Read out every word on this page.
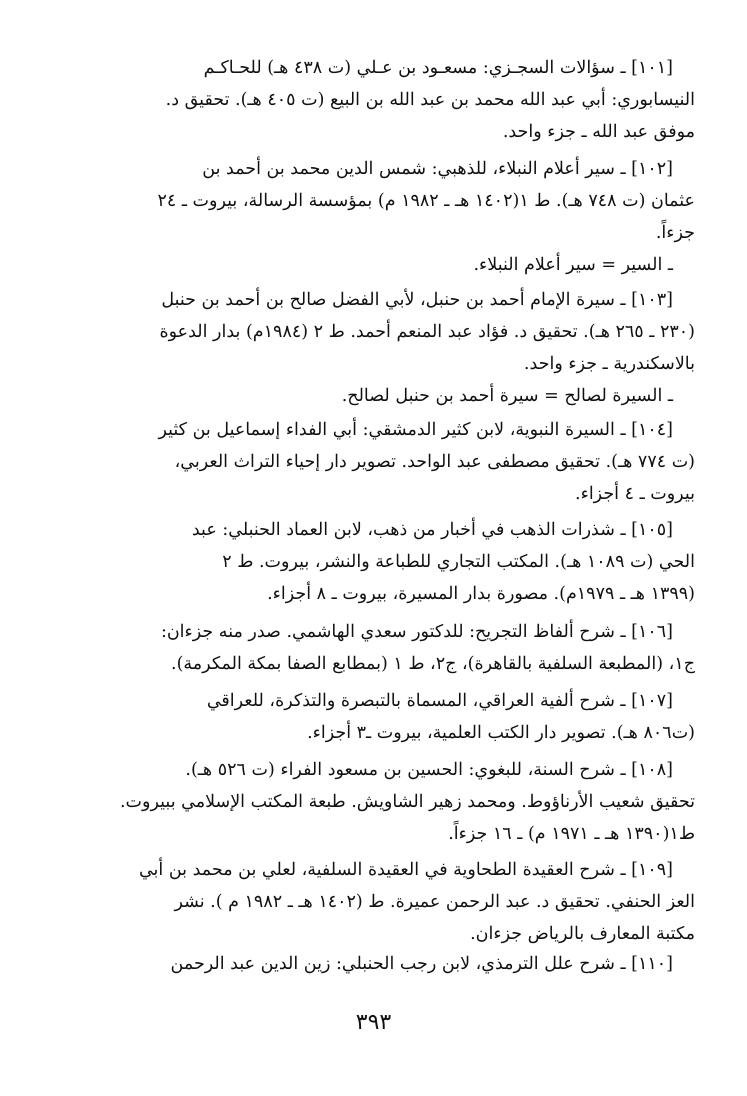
[١٠١] ـ سؤالات السجـزي: مسعـود بن عـلي (ت ٤٣٨ هـ) للحـاكـم
النيسابوري: أبي عبد الله محمد بن عبد الله بن البيع (ت ٤٠٥ هـ). تحقيق د.
موفق عبد الله ـ جزء واحد.
[١٠٢] ـ سير أعلام النبلاء، للذهبي: شمس الدين محمد بن أحمد بن
عثمان (ت ٧٤٨ هـ). ط ١(١٤٠٢ هـ ـ ١٩٨٢ م) بمؤسسة الرسالة، بيروت ـ ٢٤
جزءاً.
ـ السير = سير أعلام النبلاء.
[١٠٣] ـ سيرة الإمام أحمد بن حنبل، لأبي الفضل صالح بن أحمد بن حنبل
(٢٣٠ ـ ٢٦٥ هـ). تحقيق د. فؤاد عبد المنعم أحمد. ط ٢ (١٩٨٤م) بدار الدعوة
بالاسكندرية ـ جزء واحد.
ـ السيرة لصالح = سيرة أحمد بن حنبل لصالح.
[١٠٤] ـ السيرة النبوية، لابن كثير الدمشقي: أبي الفداء إسماعيل بن كثير
(ت ٧٧٤ هـ). تحقيق مصطفى عبد الواحد. تصوير دار إحياء التراث العربي،
بيروت ـ ٤ أجزاء.
[١٠٥] ـ شذرات الذهب في أخبار من ذهب، لابن العماد الحنبلي: عبد
الحي (ت ١٠٨٩ هـ). المكتب التجاري للطباعة والنشر، بيروت. ط ٢
(١٣٩٩ هـ ـ ١٩٧٩م). مصورة بدار المسيرة، بيروت ـ ٨ أجزاء.
[١٠٦] ـ شرح ألفاظ التجريح: للدكتور سعدي الهاشمي. صدر منه جزءان:
ج١، (المطبعة السلفية بالقاهرة)، ج٢، ط ١ (بمطابع الصفا بمكة المكرمة).
[١٠٧] ـ شرح ألفية العراقي، المسماة بالتبصرة والتذكرة، للعراقي
(ت٨٠٦ هـ). تصوير دار الكتب العلمية، بيروت ـ٣ أجزاء.
[١٠٨] ـ شرح السنة، للبغوي: الحسين بن مسعود الفراء (ت ٥٢٦ هـ).
تحقيق شعيب الأرناؤوط. ومحمد زهير الشاويش. طبعة المكتب الإسلامي ببيروت.
ط١(١٣٩٠ هـ ـ ١٩٧١ م) ـ ١٦ جزءاً.
[١٠٩] ـ شرح العقيدة الطحاوية في العقيدة السلفية، لعلي بن محمد بن أبي
العز الحنفي. تحقيق د. عبد الرحمن عميرة. ط (١٤٠٢ هـ ـ ١٩٨٢ م ). نشر
مكتبة المعارف بالرياض جزءان.
[١١٠] ـ شرح علل الترمذي، لابن رجب الحنبلي: زين الدين عبد الرحمن
٣٩٣
